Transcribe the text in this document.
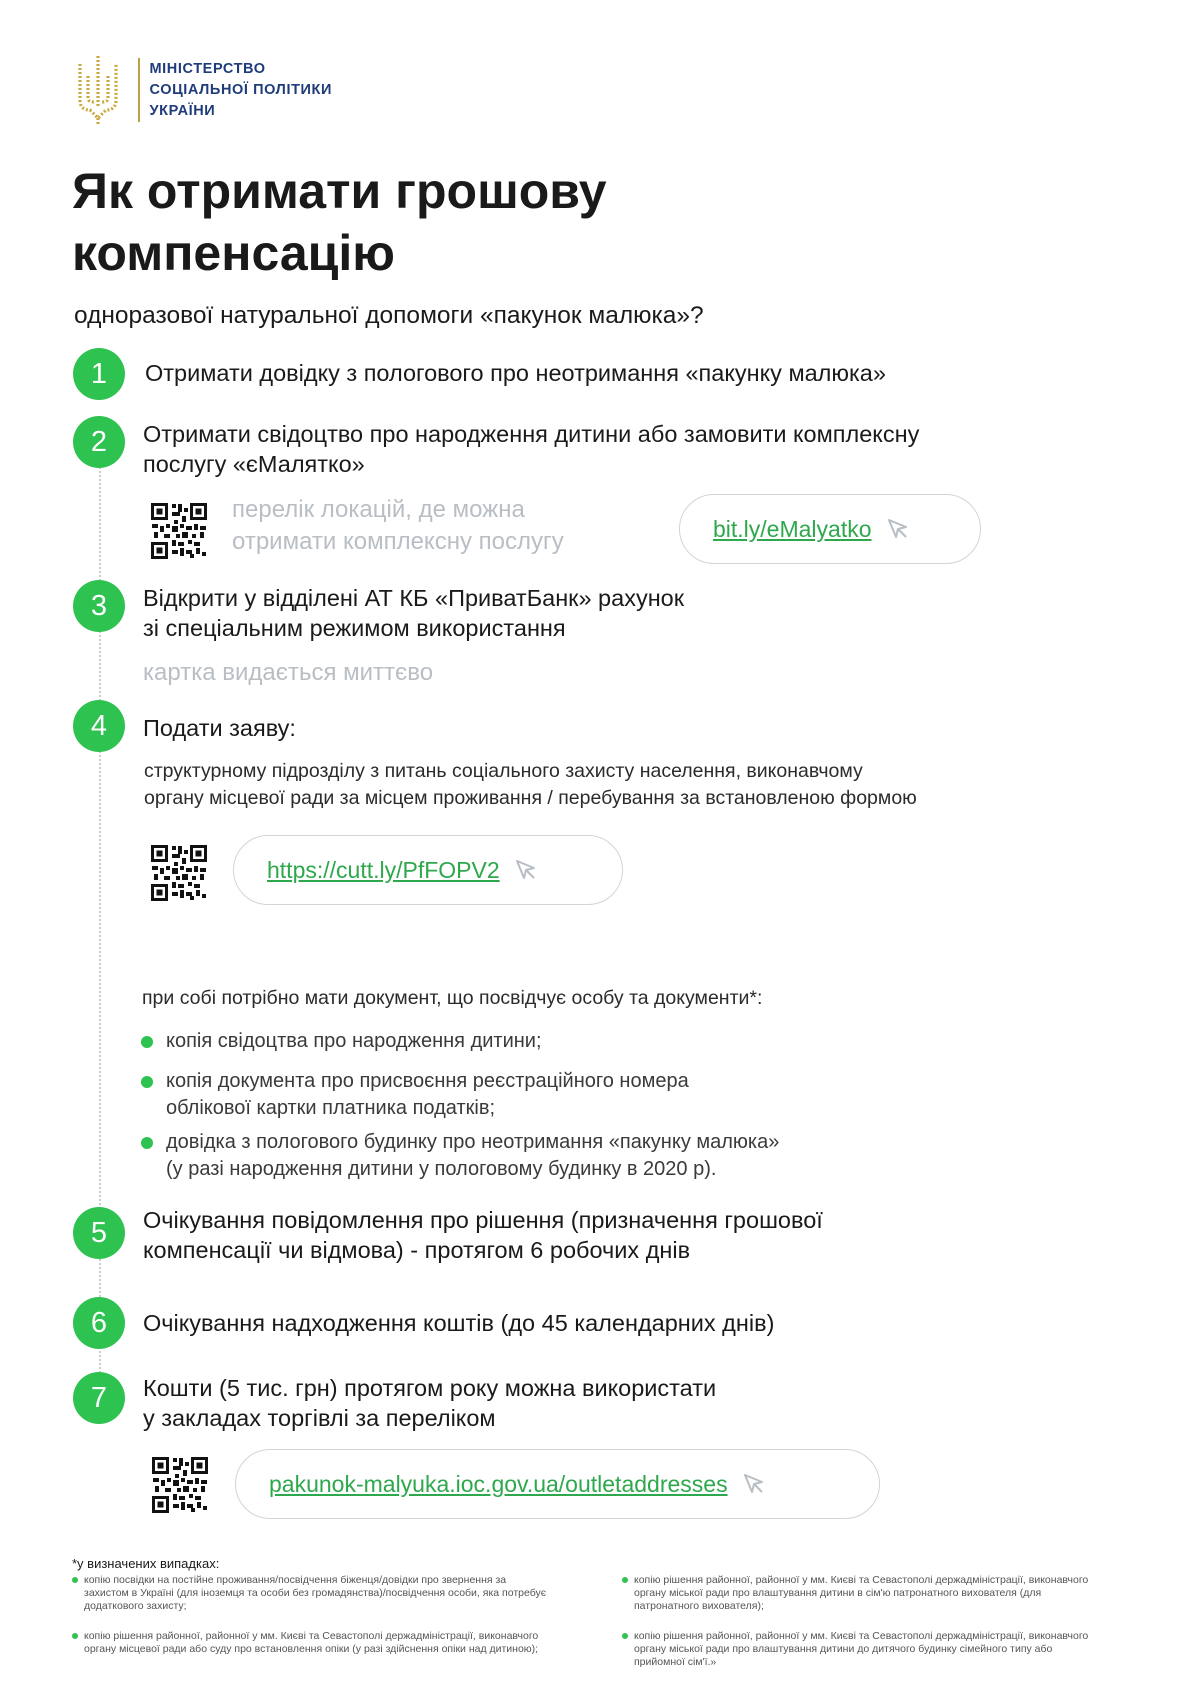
МІНІСТЕРСТВО
СОЦІАЛЬНОЇ ПОЛІТИКИ
УКРАЇНИ
Як отримати грошову
компенсацію
одноразової натуральної допомоги «пакунок малюка»?
1	Отримати довідку з пологового про неотримання «пакунку малюка»
2	Отримати свідоцтво про народження дитини або замовити комплексну
послугу «єМалятко»
перелік локацій, де можна
отримати комплексну послугу	bit.ly/eMalyatko
3	Відкрити у відділені АТ КБ «ПриватБанк» рахунок
зі спеціальним режимом використання
картка видається миттєво
4	Подати заяву:
структурному підрозділу з питань соціального захисту населення, виконавчому
органу місцевої ради за місцем проживання / перебування за встановленою формою
https://cutt.ly/PfFOPV2
при собі потрібно мати документ, що посвідчує особу та документи*:
копія свідоцтва про народження дитини;
копія документа про присвоєння реєстраційного номера
облікової картки платника податків;
довідка з пологового будинку про неотримання «пакунку малюка»
(у разі народження дитини у пологовому будинку в 2020 р).
5	Очікування повідомлення про рішення (призначення грошової
компенсації чи відмова) - протягом 6 робочих днів
6	Очікування надходження коштів (до 45 календарних днів)
7	Кошти (5 тис. грн) протягом року можна використати
у закладах торгівлі за переліком
pakunok-malyuka.ioc.gov.ua/outletaddresses
*у визначених випадках:
копію посвідки на постійне проживання/посвідчення біженця/довідки про звернення за захистом в Україні (для іноземця та особи без громадянства)/посвідчення особи, яка потребує додаткового захисту;
копію рішення районної, районної у мм. Києві та Севастополі держадміністрації, виконавчого органу місцевої ради або суду про встановлення опіки (у разі здійснення опіки над дитиною);
копію рішення районної, районної у мм. Києві та Севастополі держадміністрації, виконавчого органу міської ради про влаштування дитини в сім'ю патронатного вихователя (для патронатного вихователя);
копію рішення районної, районної у мм. Києві та Севастополі держадміністрації, виконавчого органу міської ради про влаштування дитини до дитячого будинку сімейного типу або прийомної сім'ї.»
